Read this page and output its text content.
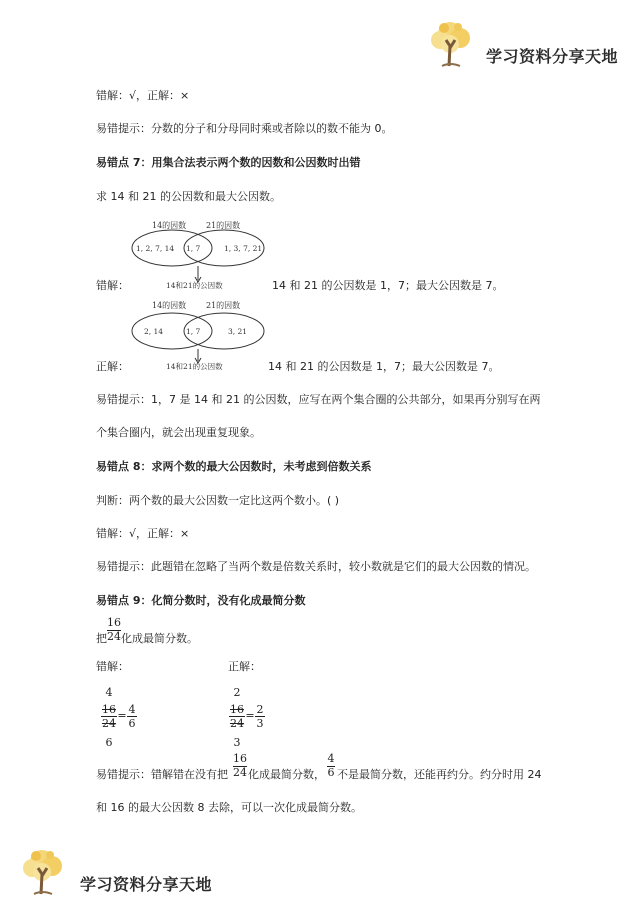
学习资料分享天地
错解：√，正解：×
易错提示：分数的分子和分母同时乘或者除以的数不能为 0。
易错点 7：用集合法表示两个数的因数和公因数时出错
求 14 和 21 的公因数和最大公因数。
14的因数 21的因数
1, 2, 7, 14 1, 7	1, 3, 7, 21
14和21的公因数
错解：	14 和 21 的公因数是 1，7；最大公因数是 7。
14的因数 21的因数
2, 14	1, 7	3, 21
14和21的公因数
正解：	14 和 21 的公因数是 1，7；最大公因数是 7。
易错提示：1，7 是 14 和 21 的公因数，应写在两个集合圈的公共部分，如果再分别写在两
个集合圈内，就会出现重复现象。
易错点 8：求两个数的最大公因数时，未考虑到倍数关系
判断：两个数的最大公因数一定比这两个数小。( )
错解：√，正解：×
易错提示：此题错在忽略了当两个数是倍数关系时，较小数就是它们的最大公因数的情况。
易错点 9：化简分数时，没有化成最简分数
16
24
把 化成最简分数。
错解：	正解：
4
16
24
= 4
6
6
2
16
24
= 2
3
3
易错提示：错解错在没有把
16
24 化成最简分数，
4
6 不是最简分数，还能再约分。约分时用 24
和 16 的最大公因数 8 去除，可以一次化成最简分数。
学习资料分享天地
